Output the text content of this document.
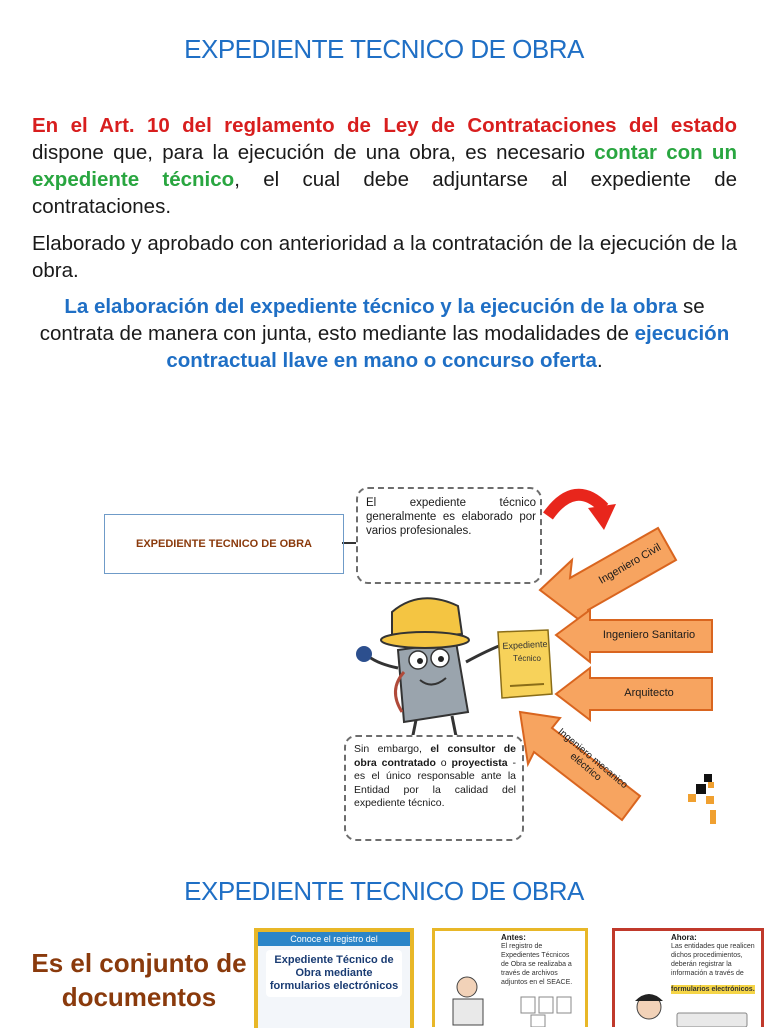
EXPEDIENTE TECNICO DE OBRA
En el Art. 10 del reglamento de Ley de Contrataciones del estado dispone que, para la ejecución de una obra, es necesario contar con un expediente técnico, el cual debe adjuntarse al expediente de contrataciones.
Elaborado y aprobado con anterioridad a la contratación de la ejecución de la obra.
La elaboración del expediente técnico y la ejecución de la obra se contrata de manera con junta, esto mediante las modalidades de ejecución contractual llave en mano o concurso oferta.
EXPEDIENTE TECNICO DE OBRA
El expediente técnico generalmente es elaborado por varios profesionales.
Sin embargo, el consultor de obra contratado o proyectista - es el único responsable ante la Entidad por la calidad del expediente técnico.
Ingeniero Civil
Ingeniero Sanitario
Arquitecto
Ingeniero mecanico eléctrico
Expediente
Técnico
EXPEDIENTE TECNICO DE OBRA
Es el conjunto de documentos
Conoce el registro del
Expediente Técnico de Obra mediante formularios electrónicos
Antes:
El registro de Expedientes Técnicos de Obra se realizaba a través de archivos adjuntos en el SEACE.
Ahora:
Las entidades que realicen dichos procedimientos, deberán registrar la información a través de
formularios electrónicos.
